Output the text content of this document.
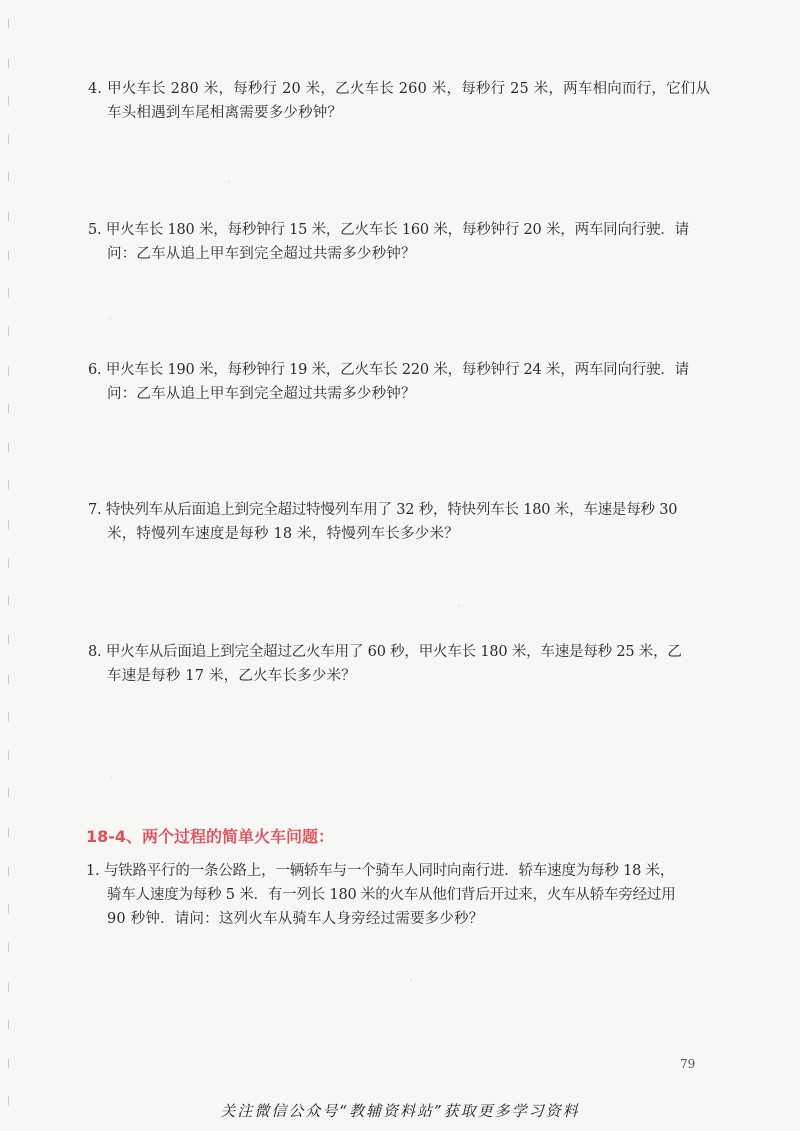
4. 甲火车长 280 米，每秒行 20 米，乙火车长 260 米，每秒行 25 米，两车相向而行，它们从
车头相遇到车尾相离需要多少秒钟？
5. 甲火车长 180 米，每秒钟行 15 米，乙火车长 160 米，每秒钟行 20 米，两车同向行驶．请
问：乙车从追上甲车到完全超过共需多少秒钟？
6. 甲火车长 190 米，每秒钟行 19 米，乙火车长 220 米，每秒钟行 24 米，两车同向行驶．请
问：乙车从追上甲车到完全超过共需多少秒钟？
7. 特快列车从后面追上到完全超过特慢列车用了 32 秒，特快列车长 180 米，车速是每秒 30
米，特慢列车速度是每秒 18 米，特慢列车长多少米？
8. 甲火车从后面追上到完全超过乙火车用了 60 秒，甲火车长 180 米，车速是每秒 25 米，乙
车速是每秒 17 米，乙火车长多少米？
18-4、两个过程的简单火车问题：
1. 与铁路平行的一条公路上，一辆轿车与一个骑车人同时向南行进．轿车速度为每秒 18 米，
骑车人速度为每秒 5 米．有一列长 180 米的火车从他们背后开过来，火车从轿车旁经过用
90 秒钟．请问：这列火车从骑车人身旁经过需要多少秒？
79
关注微信公众号“教辅资料站”获取更多学习资料
